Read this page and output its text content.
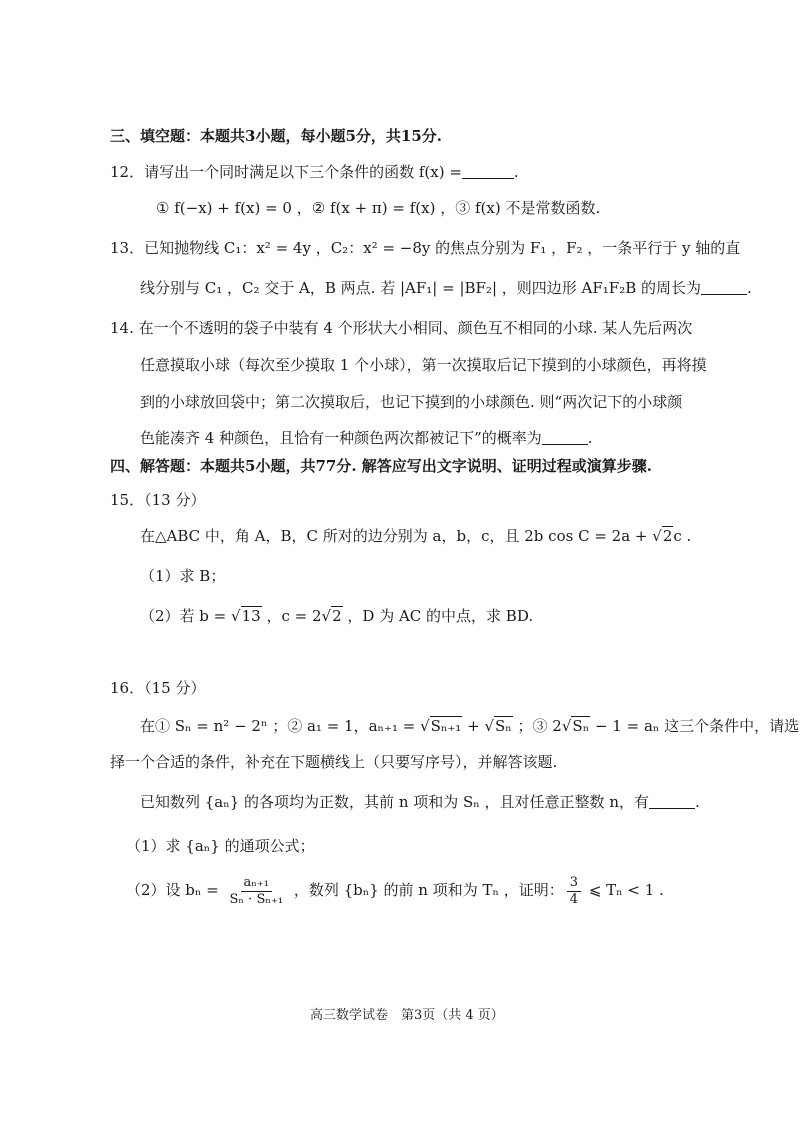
三、填空题：本题共3小题，每小题5分，共15分.
12．请写出一个同时满足以下三个条件的函数 f(x) =	.
① f(−x) + f(x) = 0 ，② f(x + π) = f(x) ，③ f(x) 不是常数函数.
13．已知抛物线 C₁：x² = 4y ，C₂：x² = −8y 的焦点分别为 F₁ ，F₂ ，一条平行于 y 轴的直
线分别与 C₁ ，C₂ 交于 A，B 两点. 若 |AF₁| = |BF₂| ，则四边形 AF₁F₂B 的周长为	.
14. 在一个不透明的袋子中装有 4 个形状大小相同、颜色互不相同的小球. 某人先后两次
任意摸取小球（每次至少摸取 1 个小球），第一次摸取后记下摸到的小球颜色，再将摸
到的小球放回袋中；第二次摸取后，也记下摸到的小球颜色. 则“两次记下的小球颜
色能凑齐 4 种颜色，且恰有一种颜色两次都被记下”的概率为	.
四、解答题：本题共5小题，共77分. 解答应写出文字说明、证明过程或演算步骤.
15．（13 分）
在△ABC 中，角 A，B，C 所对的边分别为 a，b，c，且 2b cos C = 2a + √2c .
（1）求 B；
（2）若 b = √13 ，c = 2√2 ，D 为 AC 的中点，求 BD.
16．（15 分）
在① Sₙ = n² − 2ⁿ ；② a₁ = 1，aₙ₊₁ = √Sₙ₊₁ + √Sₙ ；③ 2√Sₙ − 1 = aₙ 这三个条件中，请选
择一个合适的条件，补充在下题横线上（只要写序号），并解答该题.
已知数列 {aₙ} 的各项均为正数，其前 n 项和为 Sₙ ，且对任意正整数 n，有	.
（1）求 {aₙ} 的通项公式；
（2）设 $b_n = \frac{\text{aₙ₊₁}}{\text{Sₙ · Sₙ₊₁}}$ ，数列 {bₙ} 的前 n 项和为 Tₙ ，证明： $\frac{3}{4}$ ⩽ Tₙ < 1 .
高三数学试卷　第3页（共 4 页）
